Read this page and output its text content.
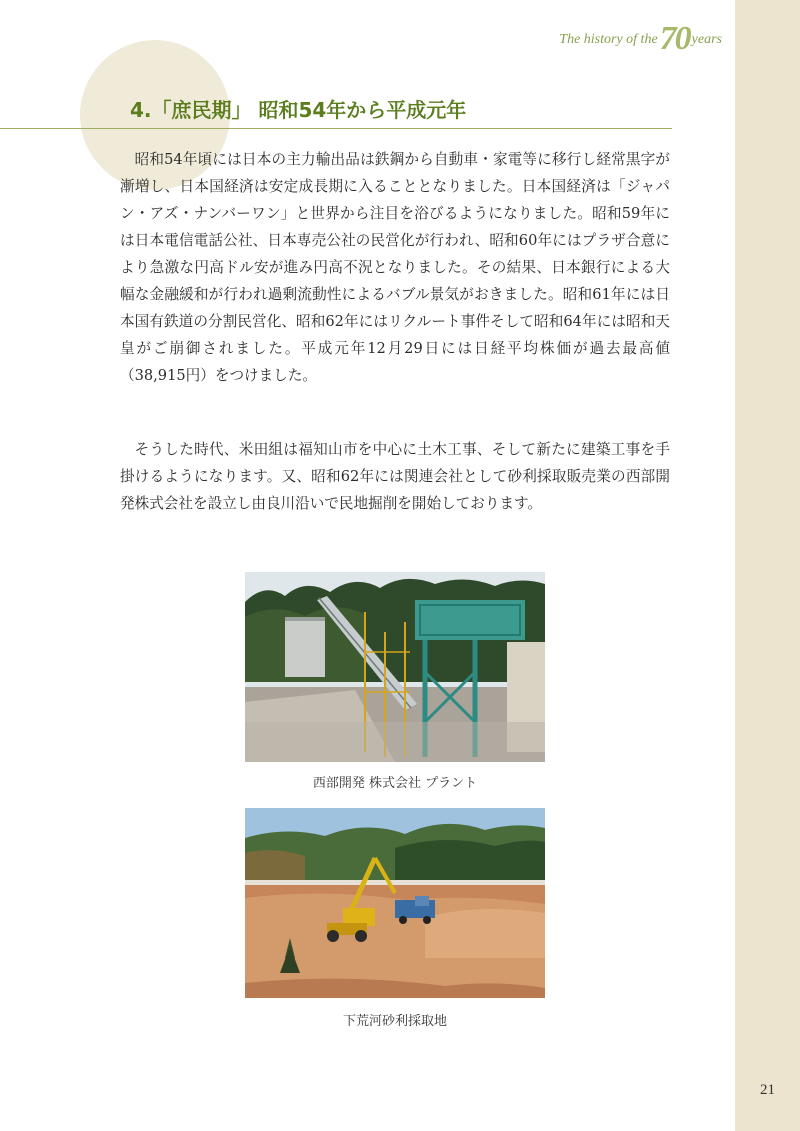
The history of the70 years
4.「庶民期」 昭和54年から平成元年

昭和54年頃には日本の主力輸出品は鉄鋼から自動車・家電等に移行し経常黒字が漸増し、日本国経済は安定成長期に入ることとなりました。日本国経済は「ジャパン・アズ・ナンバーワン」と世界から注目を浴びるようになりました。昭和59年には日本電信電話公社、日本専売公社の民営化が行われ、昭和60年にはプラザ合意により急激な円高ドル安が進み円高不況となりました。その結果、日本銀行による大幅な金融緩和が行われ過剰流動性によるバブル景気がおきました。昭和61年には日本国有鉄道の分割民営化、昭和62年にはリクルート事件そして昭和64年には昭和天皇がご崩御されました。平成元年12月29日には日経平均株価が過去最高値（38,915円）をつけました。

そうした時代、米田組は福知山市を中心に土木工事、そして新たに建築工事を手掛けるようになります。又、昭和62年には関連会社として砂利採取販売業の西部開発株式会社を設立し由良川沿いで民地掘削を開始しております。

西部開発 株式会社 プラント
下荒河砂利採取地
21
